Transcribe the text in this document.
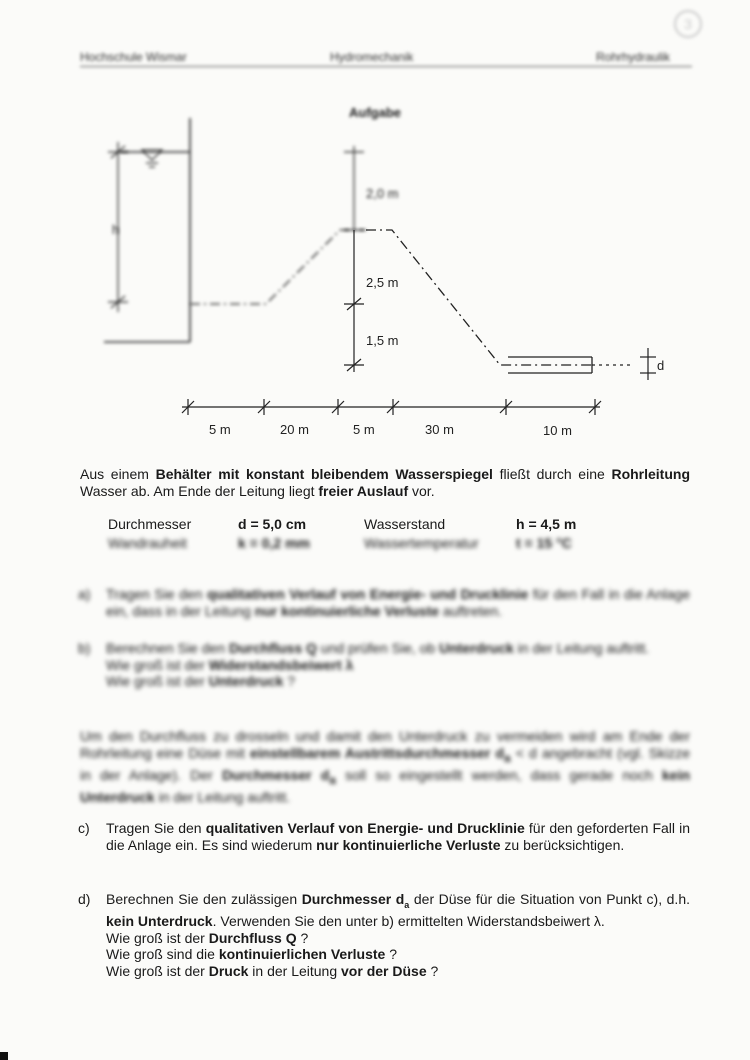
3
Hochschule Wismar	Hydromechanik	Rohrhydraulik
Aufgabe
h
d
2,0 m
2,5 m
1,5 m
5 m	20 m	5 m	30 m	10 m
Aus einem Behälter mit konstant bleibendem Wasserspiegel fließt durch eine Rohrleitung Wasser ab. Am Ende der Leitung liegt freier Auslauf vor.
Durchmesser	d = 5,0 cm	Wasserstand	h = 4,5 m
Wandrauheit	k = 0,2 mm	Wassertemperatur	t = 15 °C
a) Tragen Sie den qualitativen Verlauf von Energie- und Drucklinie für den Fall in die Anlage ein, dass in der Leitung nur kontinuierliche Verluste auftreten.
b) Berechnen Sie den Durchfluss Q und prüfen Sie, ob Unterdruck in der Leitung auftritt.
Wie groß ist der Widerstandsbeiwert λ
Wie groß ist der Unterdruck ?
Um den Durchfluss zu drosseln und damit den Unterdruck zu vermeiden wird am Ende der Rohrleitung eine Düse mit einstellbarem Austrittsdurchmesser $d_a < d$ angebracht (vgl. Skizze in der Anlage). Der Durchmesser $d_a$ soll so eingestellt werden, dass gerade noch kein Unterdruck in der Leitung auftritt.
c) Tragen Sie den qualitativen Verlauf von Energie- und Drucklinie für den geforderten Fall in die Anlage ein. Es sind wiederum nur kontinuierliche Verluste zu berücksichtigen.
d) Berechnen Sie den zulässigen Durchmesser $d_a$ der Düse für die Situation von Punkt c), d.h. kein Unterdruck. Verwenden Sie den unter b) ermittelten Widerstandsbeiwert λ.
Wie groß ist der Durchfluss Q ?
Wie groß sind die kontinuierlichen Verluste ?
Wie groß ist der Druck in der Leitung vor der Düse ?
